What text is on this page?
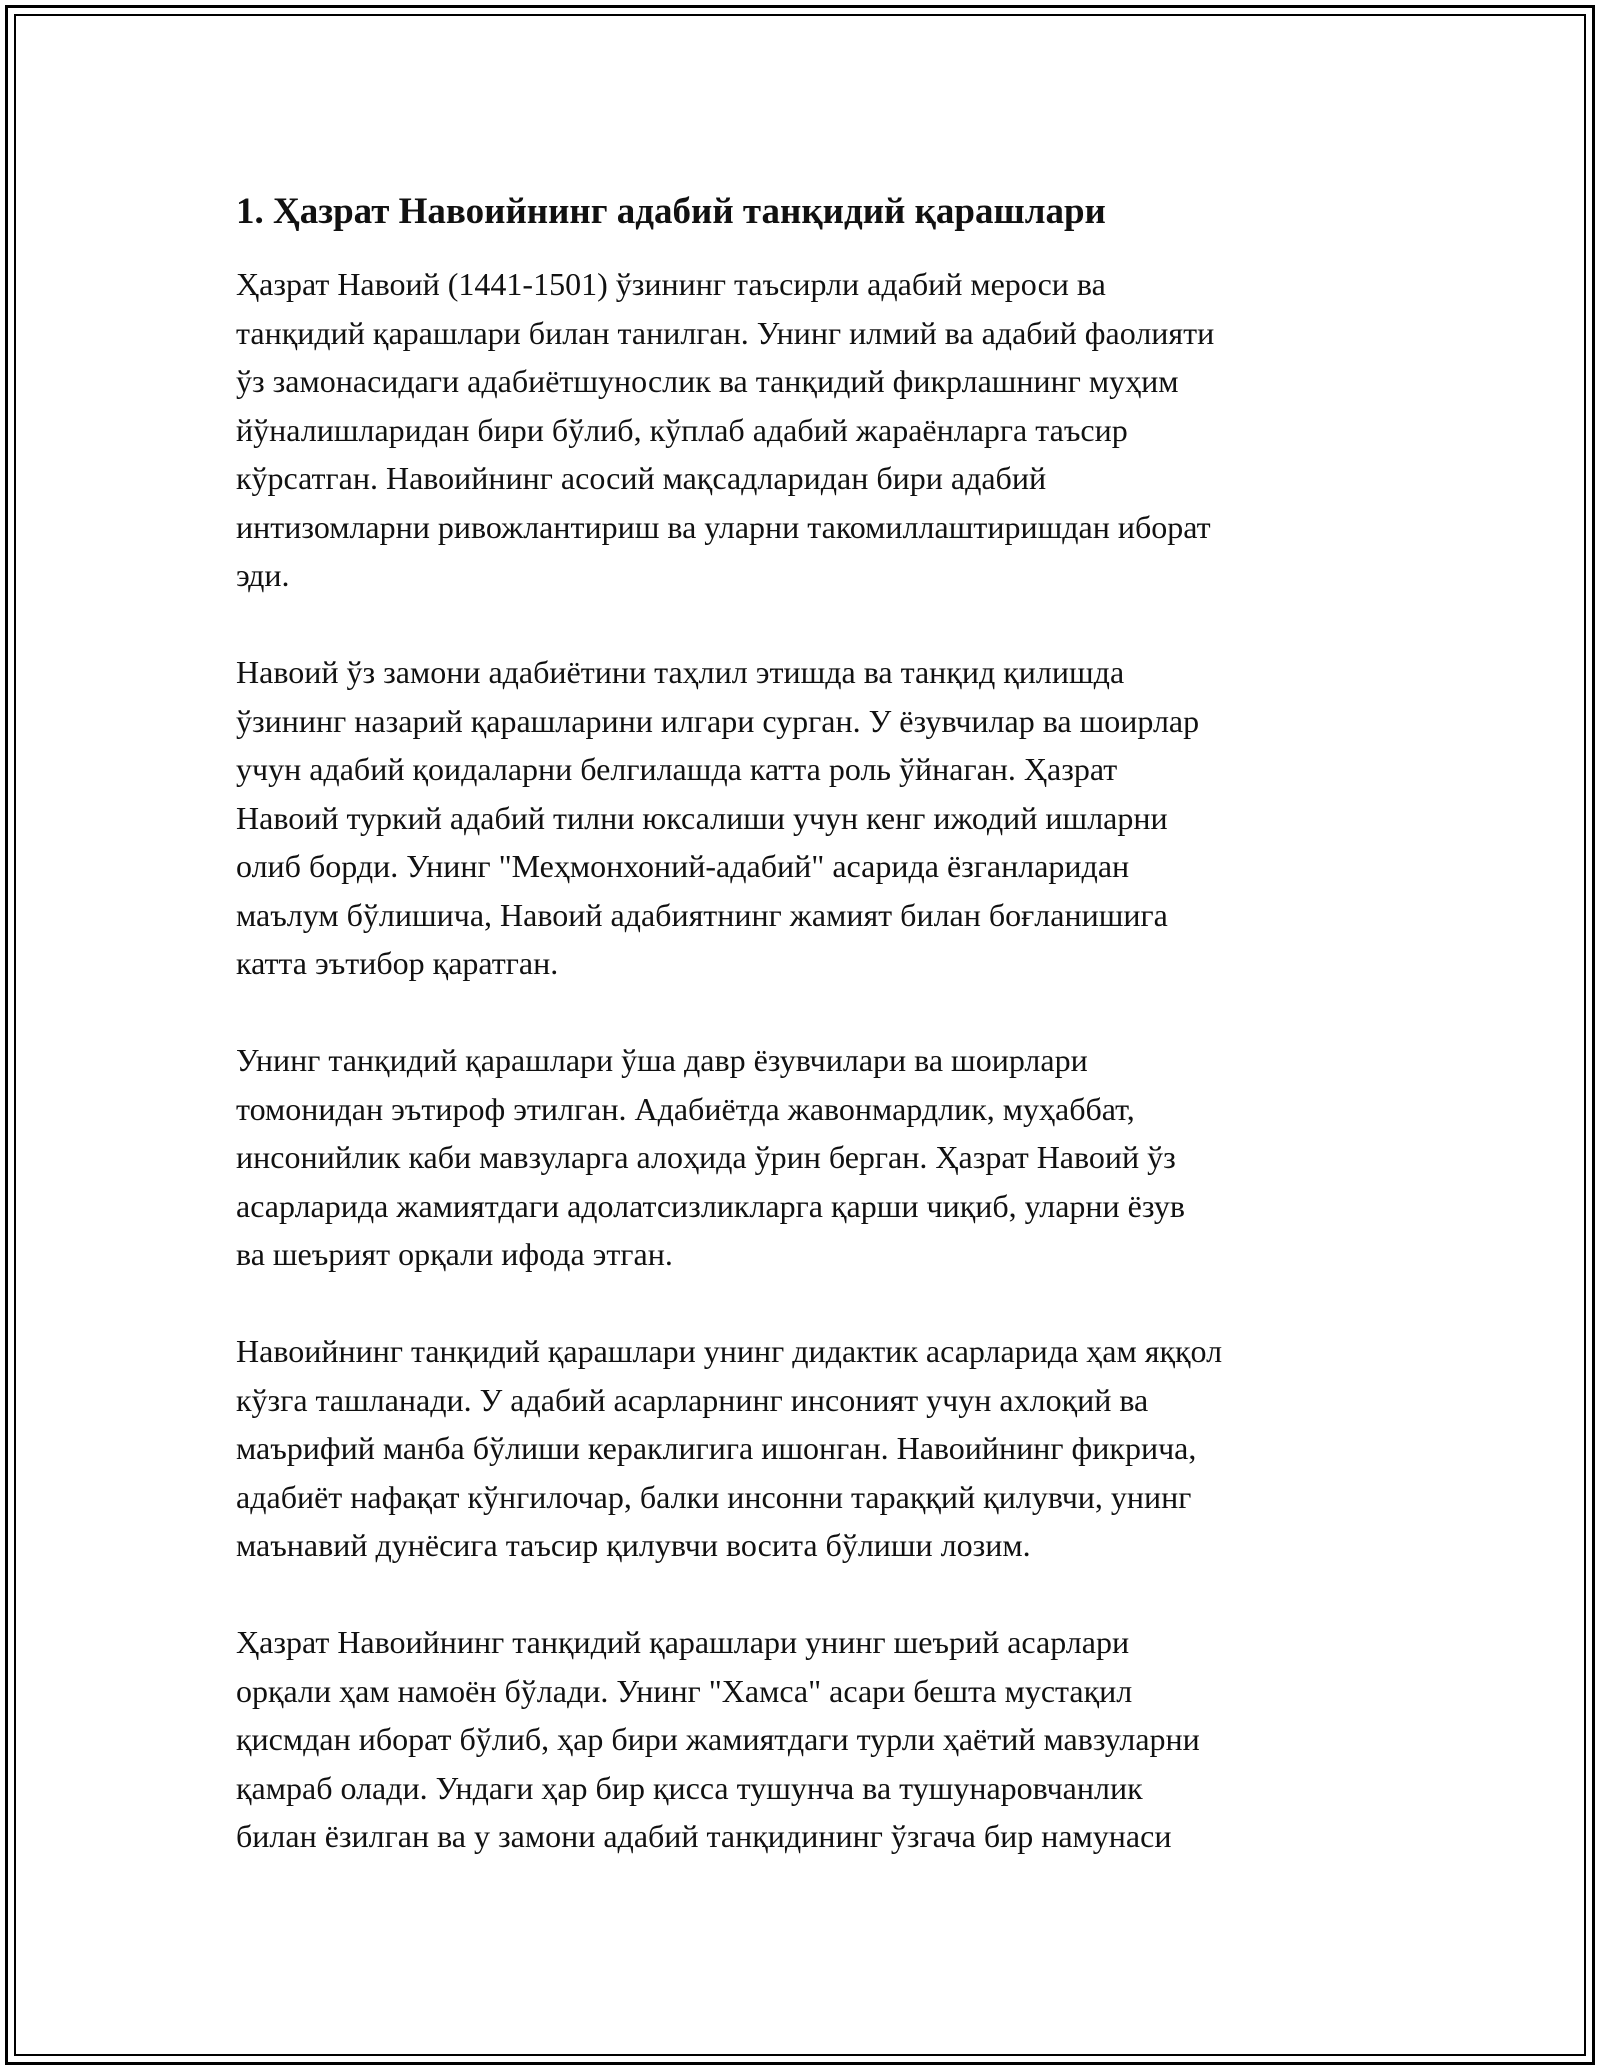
1. Ҳазрат Навоийнинг адабий танқидий қарашлари

Ҳазрат Навоий (1441-1501) ўзининг таъсирли адабий мероси ва
танқидий қарашлари билан танилган. Унинг илмий ва адабий фаолияти
ўз замонасидаги адабиётшунослик ва танқидий фикрлашнинг муҳим
йўналишларидан бири бўлиб, кўплаб адабий жараёнларга таъсир
кўрсатган. Навоийнинг асосий мақсадларидан бири адабий
интизомларни ривожлантириш ва уларни такомиллаштиришдан иборат
эди.

Навоий ўз замони адабиётини таҳлил этишда ва танқид қилишда
ўзининг назарий қарашларини илгари сурган. У ёзувчилар ва шоирлар
учун адабий қоидаларни белгилашда катта роль ўйнаган. Ҳазрат
Навоий туркий адабий тилни юксалиши учун кенг ижодий ишларни
олиб борди. Унинг "Меҳмонхоний-адабий" асарида ёзганларидан
маълум бўлишича, Навоий адабиятнинг жамият билан боғланишига
катта эътибор қаратган.

Унинг танқидий қарашлари ўша давр ёзувчилари ва шоирлари
томонидан эътироф этилган. Адабиётда жавонмардлик, муҳаббат,
инсонийлик каби мавзуларга алоҳида ўрин берган. Ҳазрат Навоий ўз
асарларида жамиятдаги адолатсизликларга қарши чиқиб, уларни ёзув
ва шеърият орқали ифода этган.

Навоийнинг танқидий қарашлари унинг дидактик асарларида ҳам яққол
кўзга ташланади. У адабий асарларнинг инсоният учун ахлоқий ва
маърифий манба бўлиши кераклигига ишонган. Навоийнинг фикрича,
адабиёт нафақат кўнгилочар, балки инсонни тараққий қилувчи, унинг
маънавий дунёсига таъсир қилувчи восита бўлиши лозим.

Ҳазрат Навоийнинг танқидий қарашлари унинг шеърий асарлари
орқали ҳам намоён бўлади. Унинг "Хамса" асари бешта мустақил
қисмдан иборат бўлиб, ҳар бири жамиятдаги турли ҳаётий мавзуларни
қамраб олади. Ундаги ҳар бир қисса тушунча ва тушунаровчанлик
билан ёзилган ва у замони адабий танқидининг ўзгача бир намунаси
